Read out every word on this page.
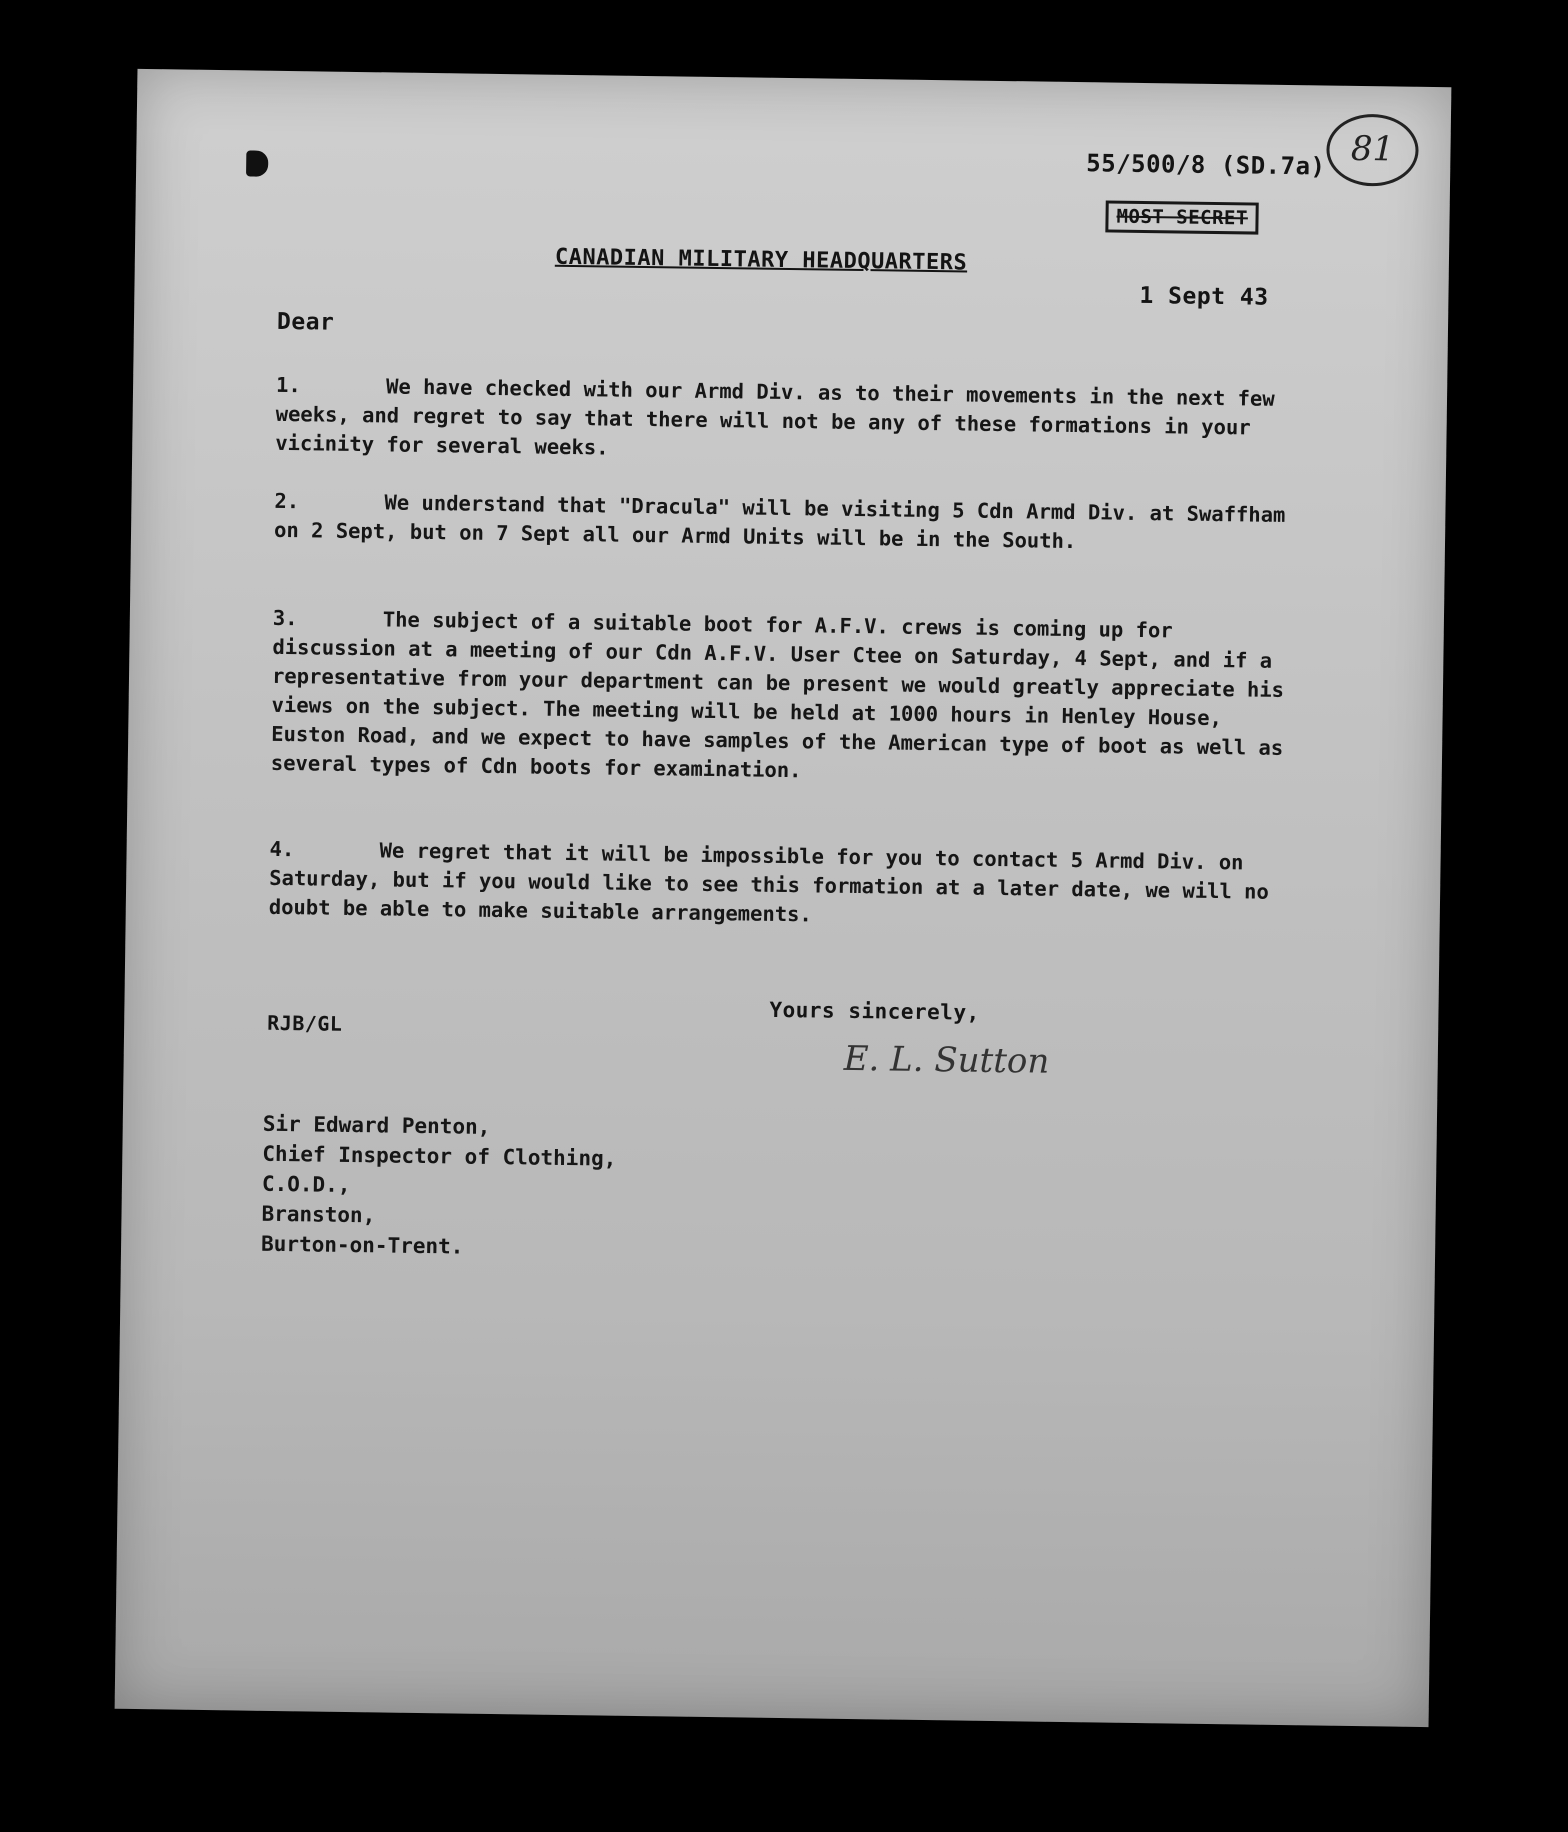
81
55/500/8 (SD.7a)
MOST SECRET
CANADIAN MILITARY HEADQUARTERS
1 Sept 43
Dear
1.	We have checked with our Armd Div. as to their movements in the next few weeks, and regret to say that there will not be any of these formations in your vicinity for several weeks.
2.	We understand that "Dracula" will be visiting 5 Cdn Armd Div. at Swaffham on 2 Sept, but on 7 Sept all our Armd Units will be in the South.
3.	The subject of a suitable boot for A.F.V. crews is coming up for discussion at a meeting of our Cdn A.F.V. User Ctee on Saturday, 4 Sept, and if a representative from your department can be present we would greatly appreciate his views on the subject. The meeting will be held at 1000 hours in Henley House, Euston Road, and we expect to have samples of the American type of boot as well as several types of Cdn boots for examination.
4.	We regret that it will be impossible for you to contact 5 Armd Div. on Saturday, but if you would like to see this formation at a later date, we will no doubt be able to make suitable arrangements.
Yours sincerely,
RJB/GL
E. L. Sutton
Sir Edward Penton,
Chief Inspector of Clothing,
C.O.D.,
Branston,
Burton-on-Trent.
